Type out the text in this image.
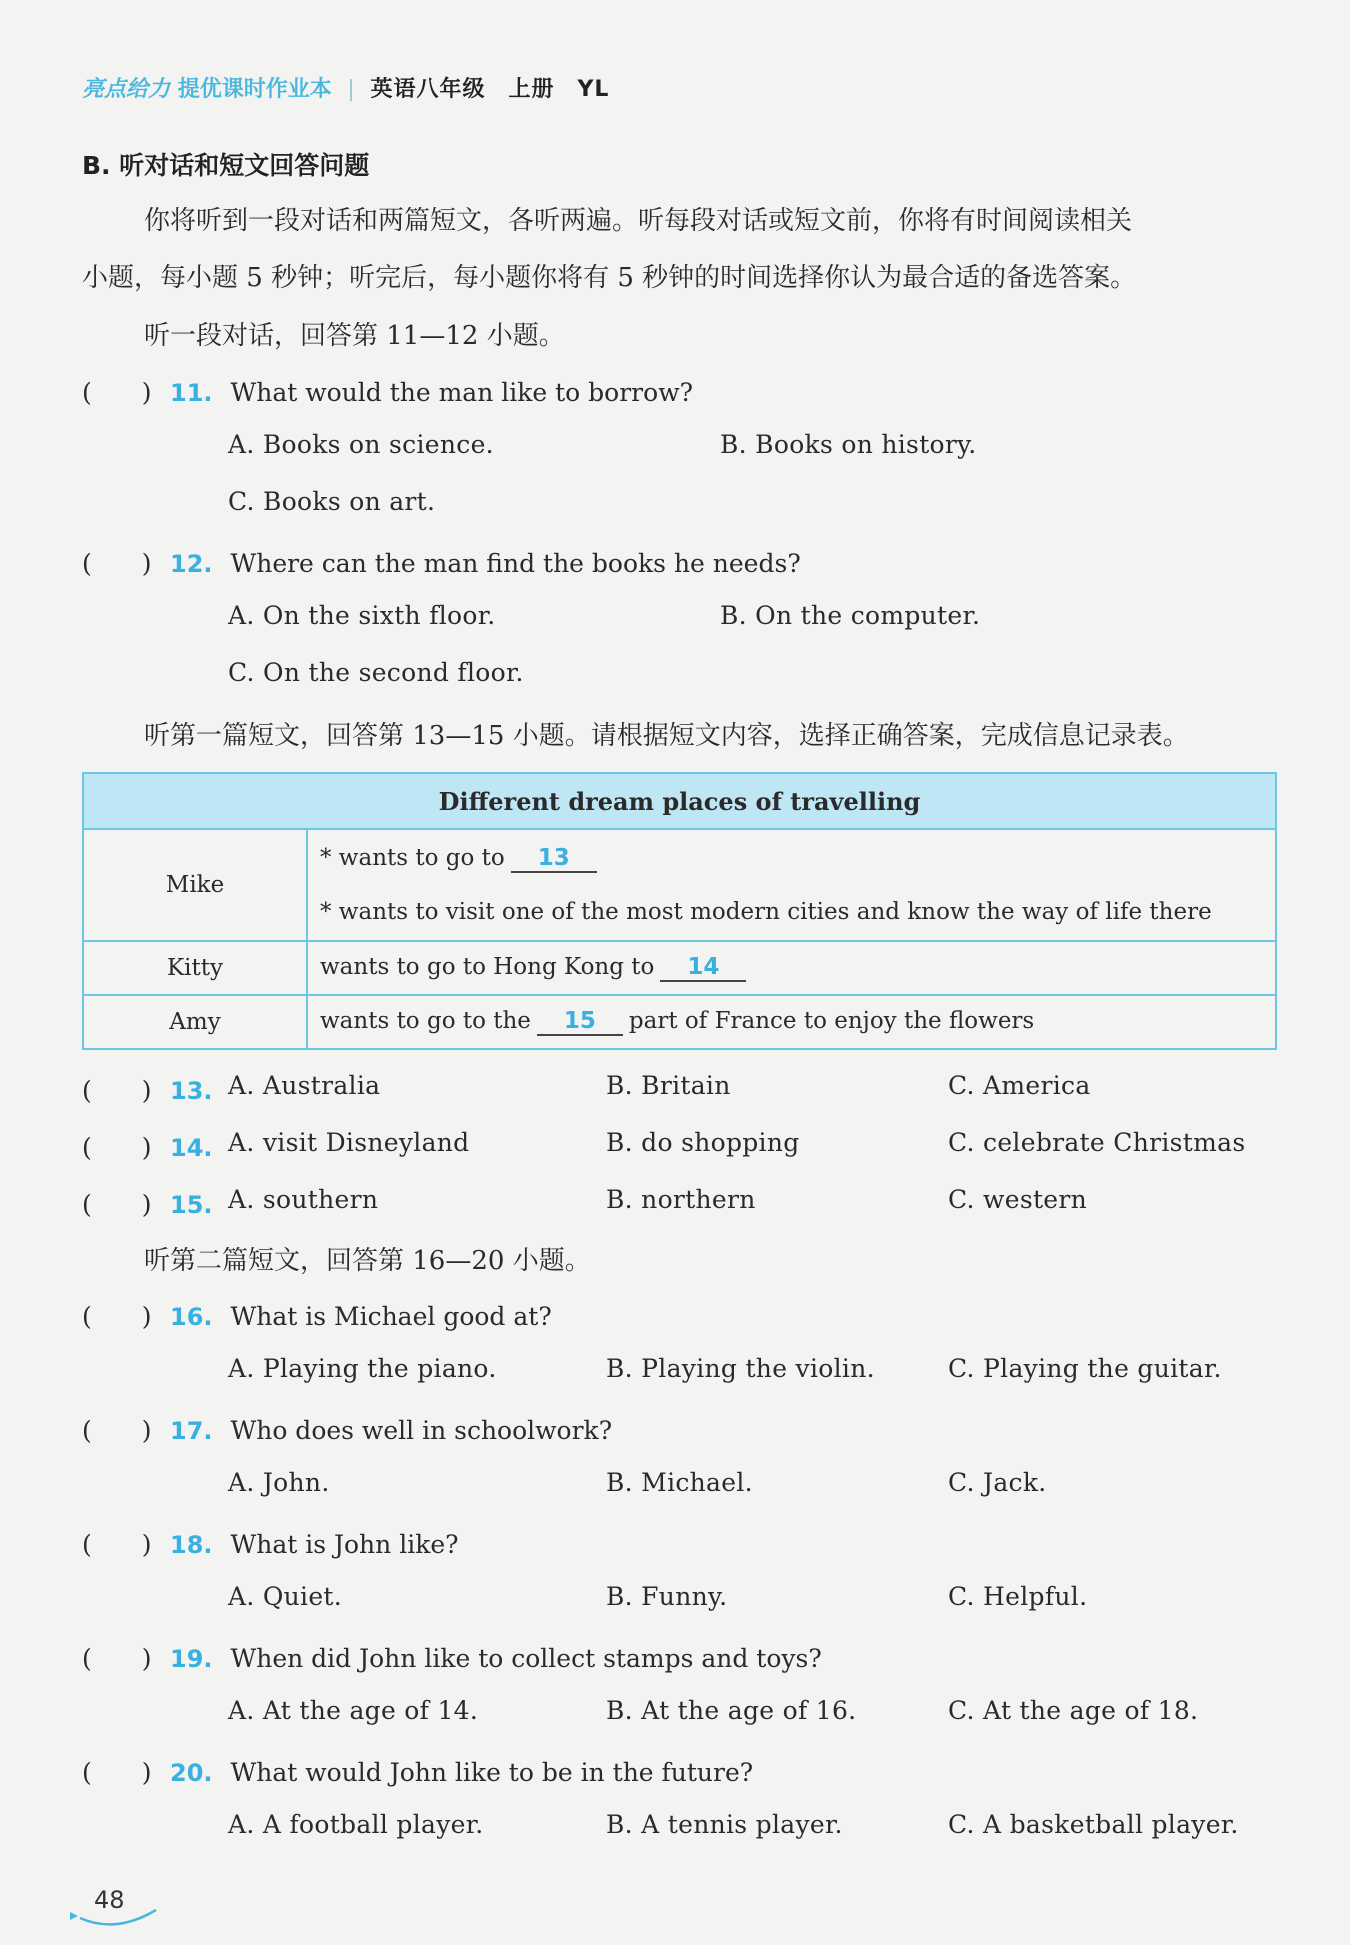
亮点给力 提优课时作业本 | 英语八年级　上册　YL
B. 听对话和短文回答问题
你将听到一段对话和两篇短文，各听两遍。听每段对话或短文前，你将有时间阅读相关
小题，每小题 5 秒钟；听完后，每小题你将有 5 秒钟的时间选择你认为最合适的备选答案。
听一段对话，回答第 11—12 小题。
(　　) 11. What would the man like to borrow?
A. Books on science.	B. Books on history.
C. Books on art.
(　　) 12. Where can the man find the books he needs?
A. On the sixth floor.	B. On the computer.
C. On the second floor.
听第一篇短文，回答第 13—15 小题。请根据短文内容，选择正确答案，完成信息记录表。
Different dream places of travelling	
Mike	* wants to go to 13
* wants to visit one of the most modern cities and know the way of life there

Kitty	wants to go to Hong Kong to 14
Amy	wants to go to the 15 part of France to enjoy the flowers
(　　) 13. A. Australia	B. Britain	C. America
(　　) 14. A. visit Disneyland	B. do shopping	C. celebrate Christmas
(　　) 15. A. southern	B. northern	C. western
听第二篇短文，回答第 16—20 小题。
(　　) 16. What is Michael good at?
A. Playing the piano.	B. Playing the violin.	C. Playing the guitar.
(　　) 17. Who does well in schoolwork?
A. John.	B. Michael.	C. Jack.
(　　) 18. What is John like?
A. Quiet.	B. Funny.	C. Helpful.
(　　) 19. When did John like to collect stamps and toys?
A. At the age of 14.	B. At the age of 16.	C. At the age of 18.
(　　) 20. What would John like to be in the future?
A. A football player.	B. A tennis player.	C. A basketball player.
48
